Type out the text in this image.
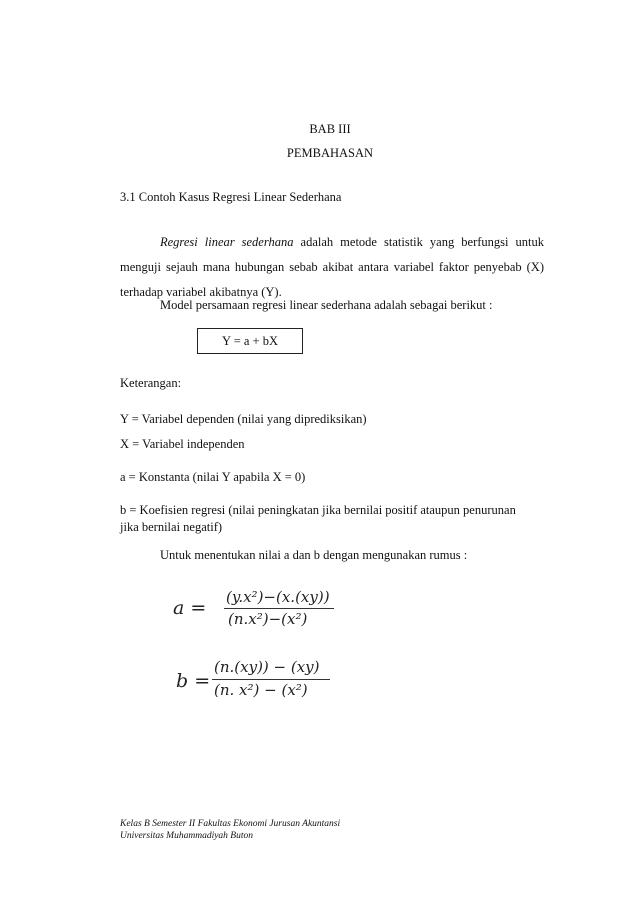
BAB III
PEMBAHASAN
3.1 Contoh Kasus Regresi Linear Sederhana
Regresi linear sederhana adalah metode statistik yang berfungsi untuk
menguji sejauh mana hubungan sebab akibat antara variabel faktor penyebab (X)
terhadap variabel akibatnya (Y).
Model persamaan regresi linear sederhana adalah sebagai berikut :
Y = a + bX
Keterangan:
Y = Variabel dependen (nilai yang diprediksikan)
X = Variabel independen
a = Konstanta (nilai Y apabila X = 0)
b = Koefisien regresi (nilai peningkatan jika bernilai positif ataupun penurunan
jika bernilai negatif)
Untuk menentukan nilai a dan b dengan mengunakan rumus :
a = (y.x²)−(x.(xy))
(n.x²)−(x²)
b =
(n.(xy)) − (xy)
(n. x²) − (x²)
Kelas B Semester II Fakultas Ekonomi Jurusan Akuntansi
Universitas Muhammadiyah Buton
